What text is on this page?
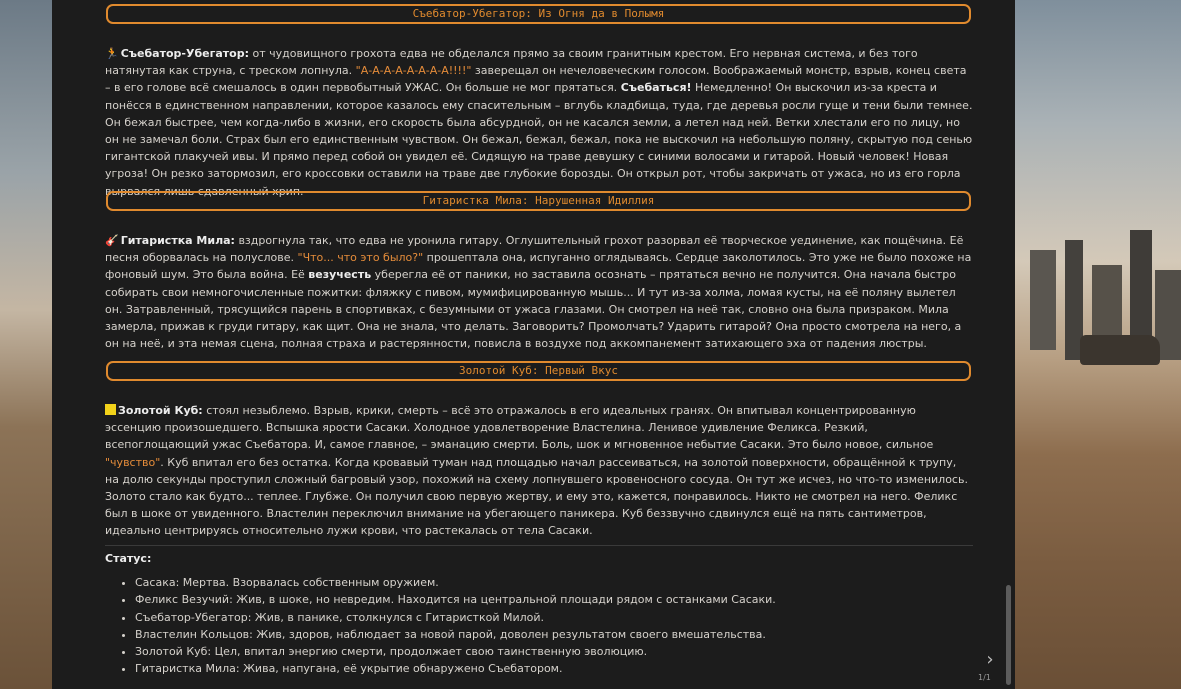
Съебатор-Убегатор: Из Огня да в Полымя
🏃 Съебатор-Убегатор: от чудовищного грохота едва не обделался прямо за своим гранитным крестом. Его нервная система, и без того натянутая как струна, с треском лопнула. "А-А-А-А-А-А-А-А!!!!" заверещал он нечеловеческим голосом. Воображаемый монстр, взрыв, конец света – в его голове всё смешалось в один первобытный УЖАС. Он больше не мог прятаться. Съебаться! Немедленно! Он выскочил из-за креста и понёсся в единственном направлении, которое казалось ему спасительным – вглубь кладбища, туда, где деревья росли гуще и тени были темнее. Он бежал быстрее, чем когда-либо в жизни, его скорость была абсурдной, он не касался земли, а летел над ней. Ветки хлестали его по лицу, но он не замечал боли. Страх был его единственным чувством. Он бежал, бежал, бежал, пока не выскочил на небольшую поляну, скрытую под сенью гигантской плакучей ивы. И прямо перед собой он увидел её. Сидящую на траве девушку с синими волосами и гитарой. Новый человек! Новая угроза! Он резко затормозил, его кроссовки оставили на траве две глубокие борозды. Он открыл рот, чтобы закричать от ужаса, но из его горла вырвался лишь сдавленный хрип.
Гитаристка Мила: Нарушенная Идиллия
🎸 Гитаристка Мила: вздрогнула так, что едва не уронила гитару. Оглушительный грохот разорвал её творческое уединение, как пощёчина. Её песня оборвалась на полуслове. "Что... что это было?" прошептала она, испуганно оглядываясь. Сердце заколотилось. Это уже не было похоже на фоновый шум. Это была война. Её везучесть уберегла её от паники, но заставила осознать – прятаться вечно не получится. Она начала быстро собирать свои немногочисленные пожитки: фляжку с пивом, мумифицированную мышь... И тут из-за холма, ломая кусты, на её поляну вылетел он. Затравленный, трясущийся парень в спортивках, с безумными от ужаса глазами. Он смотрел на неё так, словно она была призраком. Мила замерла, прижав к груди гитару, как щит. Она не знала, что делать. Заговорить? Промолчать? Ударить гитарой? Она просто смотрела на него, а он на неё, и эта немая сцена, полная страха и растерянности, повисла в воздухе под аккомпанемент затихающего эха от падения люстры.
Золотой Куб: Первый Вкус
Золотой Куб: стоял незыблемо. Взрыв, крики, смерть – всё это отражалось в его идеальных гранях. Он впитывал концентрированную эссенцию произошедшего. Вспышка ярости Сасаки. Холодное удовлетворение Властелина. Ленивое удивление Феликса. Резкий, всепоглощающий ужас Съебатора. И, самое главное, – эманацию смерти. Боль, шок и мгновенное небытие Сасаки. Это было новое, сильное "чувство". Куб впитал его без остатка. Когда кровавый туман над площадью начал рассеиваться, на золотой поверхности, обращённой к трупу, на долю секунды проступил сложный багровый узор, похожий на схему лопнувшего кровеносного сосуда. Он тут же исчез, но что-то изменилось. Золото стало как будто... теплее. Глубже. Он получил свою первую жертву, и ему это, кажется, понравилось. Никто не смотрел на него. Феликс был в шоке от увиденного. Властелин переключил внимание на убегающего паникера. Куб беззвучно сдвинулся ещё на пять сантиметров, идеально центрируясь относительно лужи крови, что растекалась от тела Сасаки.
Статус:
• Сасака: Мертва. Взорвалась собственным оружием.
• Феликс Везучий: Жив, в шоке, но невредим. Находится на центральной площади рядом с останками Сасаки.
• Съебатор-Убегатор: Жив, в панике, столкнулся с Гитаристкой Милой.
• Властелин Кольцов: Жив, здоров, наблюдает за новой парой, доволен результатом своего вмешательства.
• Золотой Куб: Цел, впитал энергию смерти, продолжает свою таинственную эволюцию.
• Гитаристка Мила: Жива, напугана, её укрытие обнаружено Съебатором.	›
1/1
